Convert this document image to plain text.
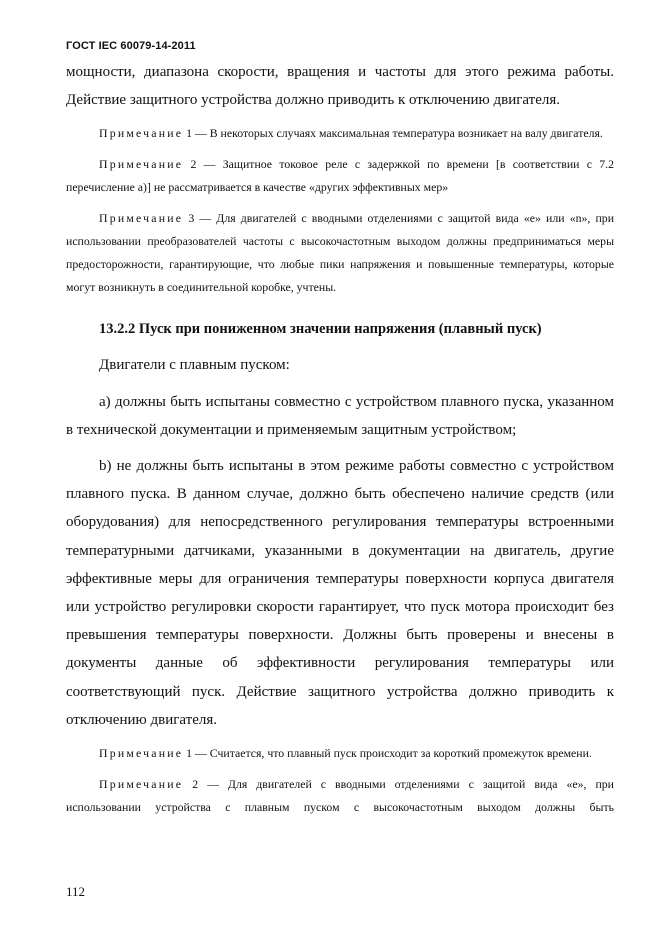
ГОСТ IEC 60079-14-2011

мощности, диапазона скорости, вращения и частоты для этого режима работы. Действие защитного устройства должно приводить к отключению двигателя.

Примечание 1 — В некоторых случаях максимальная температура возникает на валу двигателя.

Примечание 2 — Защитное токовое реле с задержкой по времени [в соответствии с 7.2 перечисление а)] не рассматривается в качестве «других эффективных мер»

Примечание 3 — Для двигателей с вводными отделениями с защитой вида «е» или «n», при использовании преобразователей частоты с высокочастотным выходом должны предприниматься меры предосторожности, гарантирующие, что любые пики напряжения и повышенные температуры, которые могут возникнуть в соединительной коробке, учтены.

13.2.2 Пуск при пониженном значении напряжения (плавный пуск)

Двигатели с плавным пуском:

а) должны быть испытаны совместно с устройством плавного пуска, указанном в технической документации и применяемым защитным устройством;

b) не должны быть испытаны в этом режиме работы совместно с устройством плавного пуска. В данном случае, должно быть обеспечено наличие средств (или оборудования) для непосредственного регулирования температуры встроенными температурными датчиками, указанными в документации на двигатель, другие эффективные меры для ограничения температуры поверхности корпуса двигателя или устройство регулировки скорости гарантирует, что пуск мотора происходит без превышения температуры поверхности. Должны быть проверены и внесены в документы данные об эффективности регулирования температуры или соответствующий пуск. Действие защитного устройства должно приводить к отключению двигателя.

Примечание 1 — Считается, что плавный пуск происходит за короткий промежуток времени.

Примечание 2 — Для двигателей с вводными отделениями с защитой вида «е», при использовании устройства с плавным пуском с высокочастотным выходом должны быть

112
